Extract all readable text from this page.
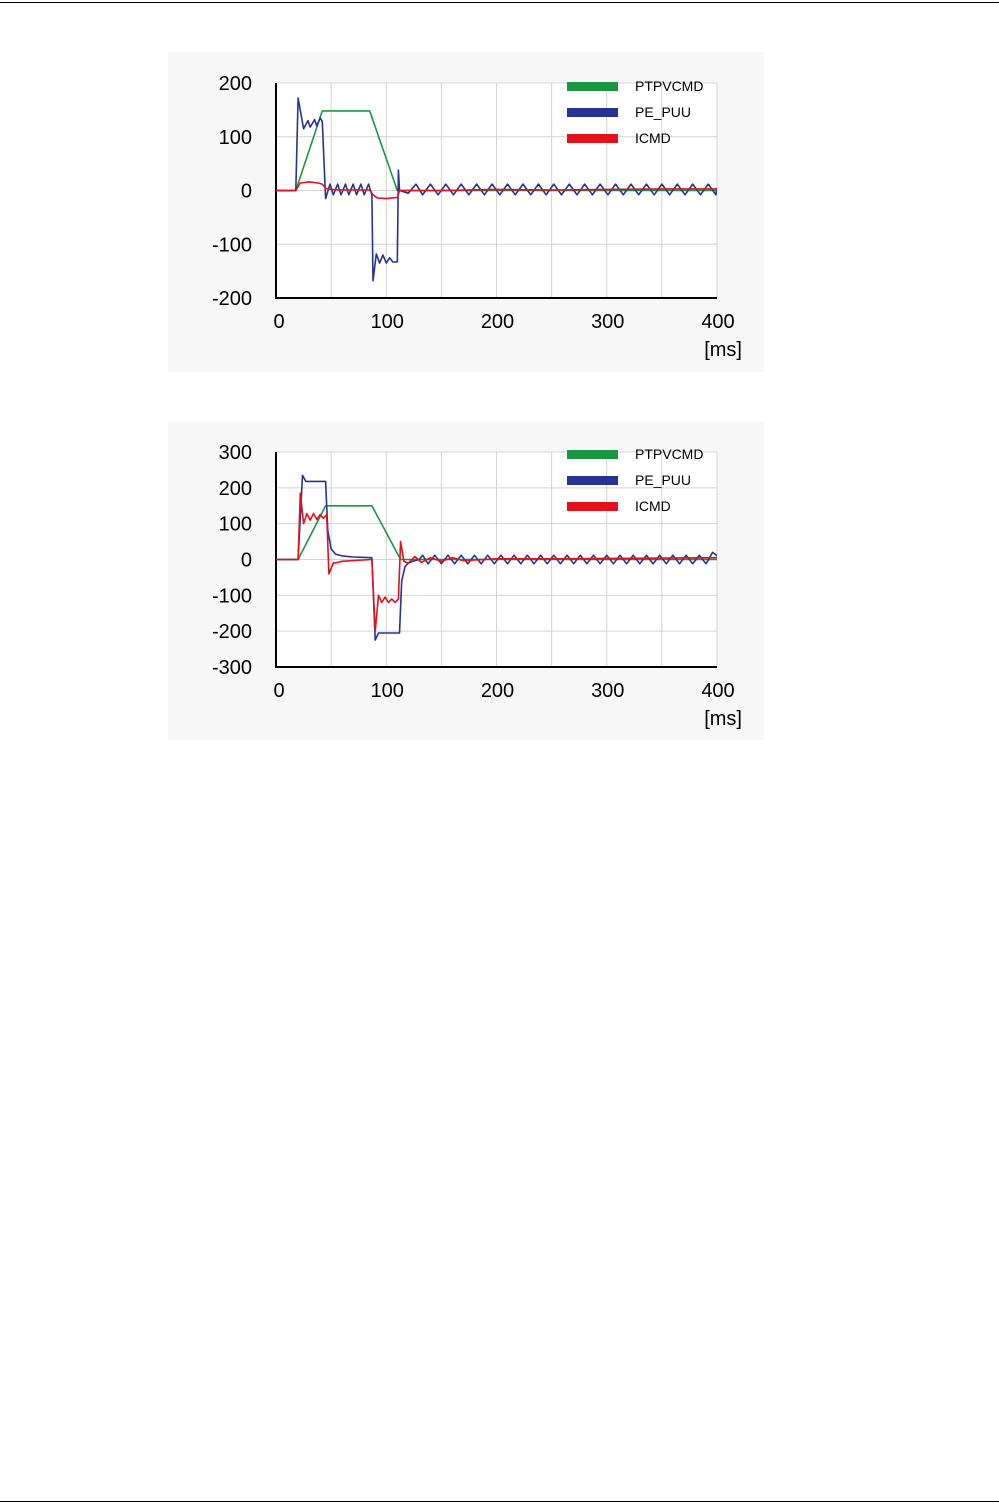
200
100
0
-100
-200
0	100	200	300	400
[ms]
PTPVCMD
PE_PUU
ICMD
300
200
100
0
-100
-200
-300
0	100	200	300	400
[ms]
PTPVCMD
PE_PUU
ICMD
